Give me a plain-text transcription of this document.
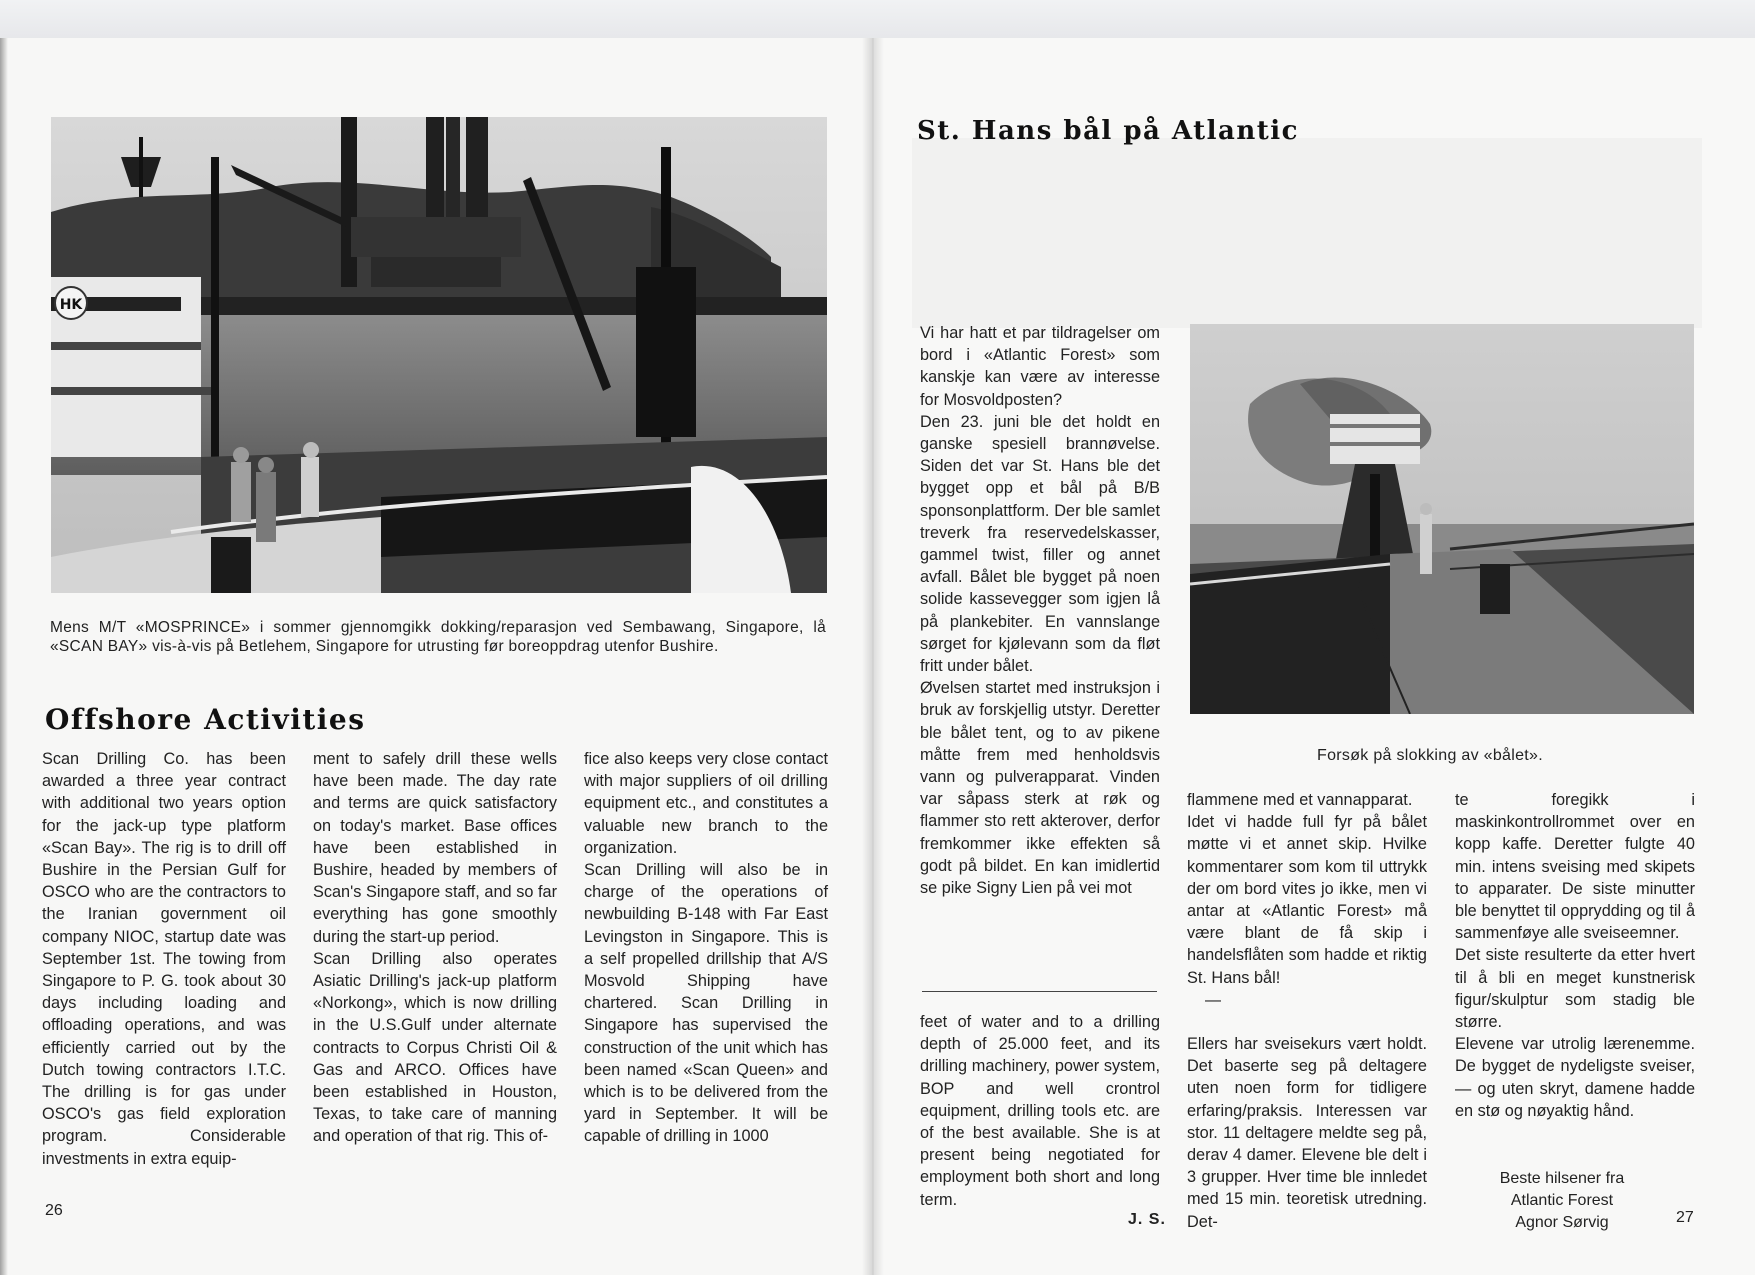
HK
Mens M/T «MOSPRINCE» i sommer gjennomgikk dokking/reparasjon ved Sembawang, Singapore, lå «SCAN BAY» vis-à-vis på Betlehem, Singapore for utrusting før boreoppdrag utenfor Bushire.
Offshore Activities
Scan Drilling Co. has been awarded a three year contract with additional two years option for the jack-up type platform «Scan Bay». The rig is to drill off Bushire in the Persian Gulf for OSCO who are the contractors to the Iranian government oil company NIOC, startup date was September 1st. The towing from Singapore to P. G. took about 30 days including loading and offloading operations, and was efficiently carried out by the Dutch towing contractors I.T.C. The drilling is for gas under OSCO's gas field exploration program. Considerable investments in extra equip-
ment to safely drill these wells have been made. The day rate and terms are quick satisfactory on today's market. Base offices have been established in Bushire, headed by members of Scan's Singapore staff, and so far everything has gone smoothly during the start-up period.
Scan Drilling also operates Asiatic Drilling's jack-up platform «Norkong», which is now drilling in the U.S.Gulf under alternate contracts to Corpus Christi Oil & Gas and ARCO. Offices have been established in Houston, Texas, to take care of manning and operation of that rig. This of-
fice also keeps very close contact with major suppliers of oil drilling equipment etc., and constitutes a valuable new branch to the organization.
Scan Drilling will also be in charge of the operations of newbuilding B-148 with Far East Levingston in Singapore. This is a self propelled drillship that A/S Mosvold Shipping have chartered. Scan Drilling in Singapore has supervised the construction of the unit which has been named «Scan Queen» and which is to be delivered from the yard in September. It will be capable of drilling in 1000
26
St. Hans bål på Atlantic
Vi har hatt et par tildragelser om bord i «Atlantic Forest» som kanskje kan være av interesse for Mosvoldposten?
Den 23. juni ble det holdt en ganske spesiell brannøvelse. Siden det var St. Hans ble det bygget opp et bål på B/B sponsonplattform. Der ble samlet treverk fra reservedelskasser, gammel twist, filler og annet avfall. Bålet ble bygget på noen solide kassevegger som igjen lå på plankebiter. En vannslange sørget for kjølevann som da fløt fritt under bålet.
Øvelsen startet med instruksjon i bruk av forskjellig utstyr. Deretter ble bålet tent, og to av pikene måtte frem med henholdsvis vann og pulverapparat. Vinden var såpass sterk at røk og flammer sto rett akterover, derfor fremkommer ikke effekten så godt på bildet. En kan imidlertid se pike Signy Lien på vei mot
Forsøk på slokking av «bålet».
feet of water and to a drilling depth of 25.000 feet, and its drilling machinery, power system, BOP and well crontrol equipment, drilling tools etc. are of the best available. She is at present being negotiated for employment both short and long term.
J. S.
flammene med et vannapparat.
Idet vi hadde full fyr på bålet møtte vi et annet skip. Hvilke kommentarer som kom til uttrykk der om bord vites jo ikke, men vi antar at «Atlantic Forest» må være blant de få skip i handelsflåten som hadde et riktig St. Hans bål!
—
Ellers har sveisekurs vært holdt. Det baserte seg på deltagere uten noen form for tidligere erfaring/praksis. Interessen var stor. 11 deltagere meldte seg på, derav 4 damer. Elevene ble delt i 3 grupper. Hver time ble innledet med 15 min. teoretisk utredning. Det-
te foregikk i maskinkontrollrommet over en kopp kaffe. Deretter fulgte 40 min. intens sveising med skipets to apparater. De siste minutter ble benyttet til opprydding og til å sammenføye alle sveiseemner.
Det siste resulterte da etter hvert til å bli en meget kunstnerisk figur/skulptur som stadig ble større.
Elevene var utrolig lærenemme. De bygget de nydeligste sveiser, — og uten skryt, damene hadde en stø og nøyaktig hånd.
Beste hilsener fra
Atlantic Forest
Agnor Sørvig	27
